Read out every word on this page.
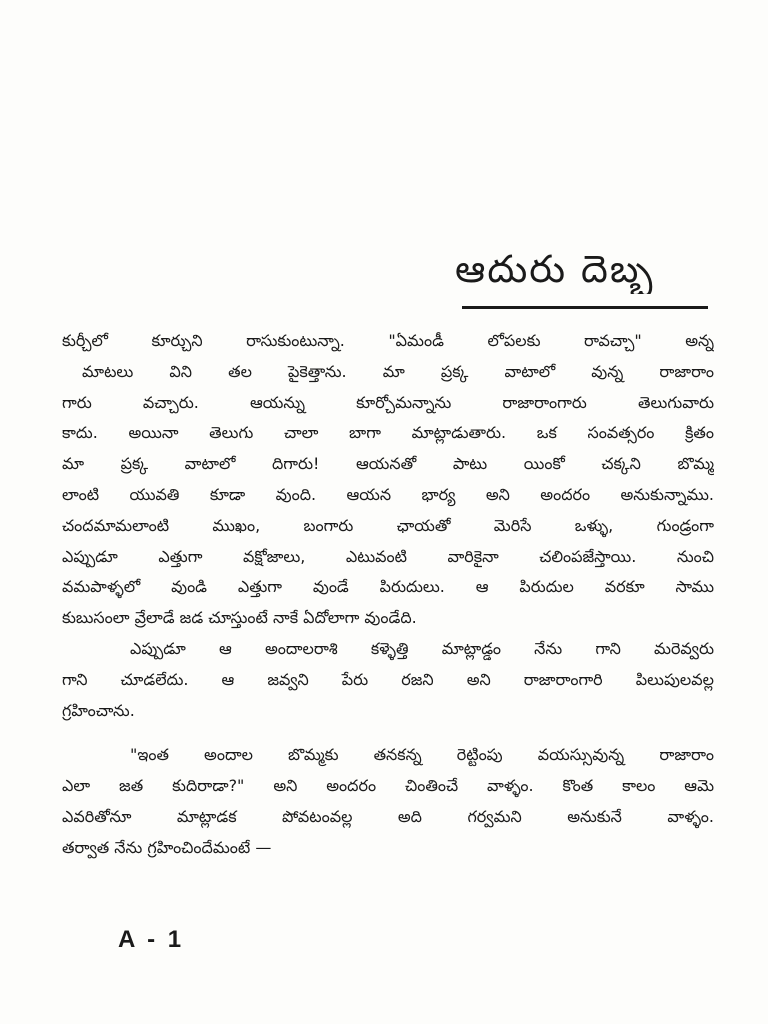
ఆదురు దెబ్బ
కుర్చీలో కూర్చుని రాసుకుంటున్నా. "ఏమండీ లోపలకు రావచ్చా" అన్న
మాటలు విని తల పైకెత్తాను. మా ప్రక్క వాటాలో వున్న రాజారాం
గారు వచ్చారు. ఆయన్ను కూర్చోమన్నాను రాజారాంగారు తెలుగువారు
కాదు. అయినా తెలుగు చాలా బాగా మాట్లాడుతారు. ఒక సంవత్సరం క్రితం
మా ప్రక్క వాటాలో దిగారు! ఆయనతో పాటు యింకో చక్కని బొమ్మ
లాంటి యువతి కూడా వుంది. ఆయన భార్య అని అందరం అనుకున్నాము.
చందమామలాంటి ముఖం, బంగారు ఛాయతో మెరిసే ఒళ్ళు, గుండ్రంగా
ఎప్పుడూ ఎత్తుగా వక్షోజాలు, ఎటువంటి వారికైనా చలింపజేస్తాయి. నుంచి
వమపాళ్ళలో వుండి ఎత్తుగా వుండే పిరుదులు. ఆ పిరుదుల వరకూ సాము
కుబుసంలా వ్రేలాడే జడ చూస్తుంటే నాకే ఏదోలాగా వుండేది.
ఎప్పుడూ ఆ అందాలరాశి కళ్ళెత్తి మాట్లాడ్డం నేను గాని మరెవ్వరు
గాని చూడలేదు. ఆ జవ్వని పేరు రజని అని రాజారాంగారి పిలుపులవల్ల
గ్రహించాను.
"ఇంత అందాల బొమ్మకు తనకన్న రెట్టింపు వయస్సువున్న రాజారాం
ఎలా జత కుదిరాడా?" అని అందరం చింతించే వాళ్ళం. కొంత కాలం ఆమె
ఎవరితోనూ మాట్లాడక పోవటంవల్ల అది గర్వమని అనుకునే వాళ్ళం.
తర్వాత నేను గ్రహించిందేమంటే —
A - 1
